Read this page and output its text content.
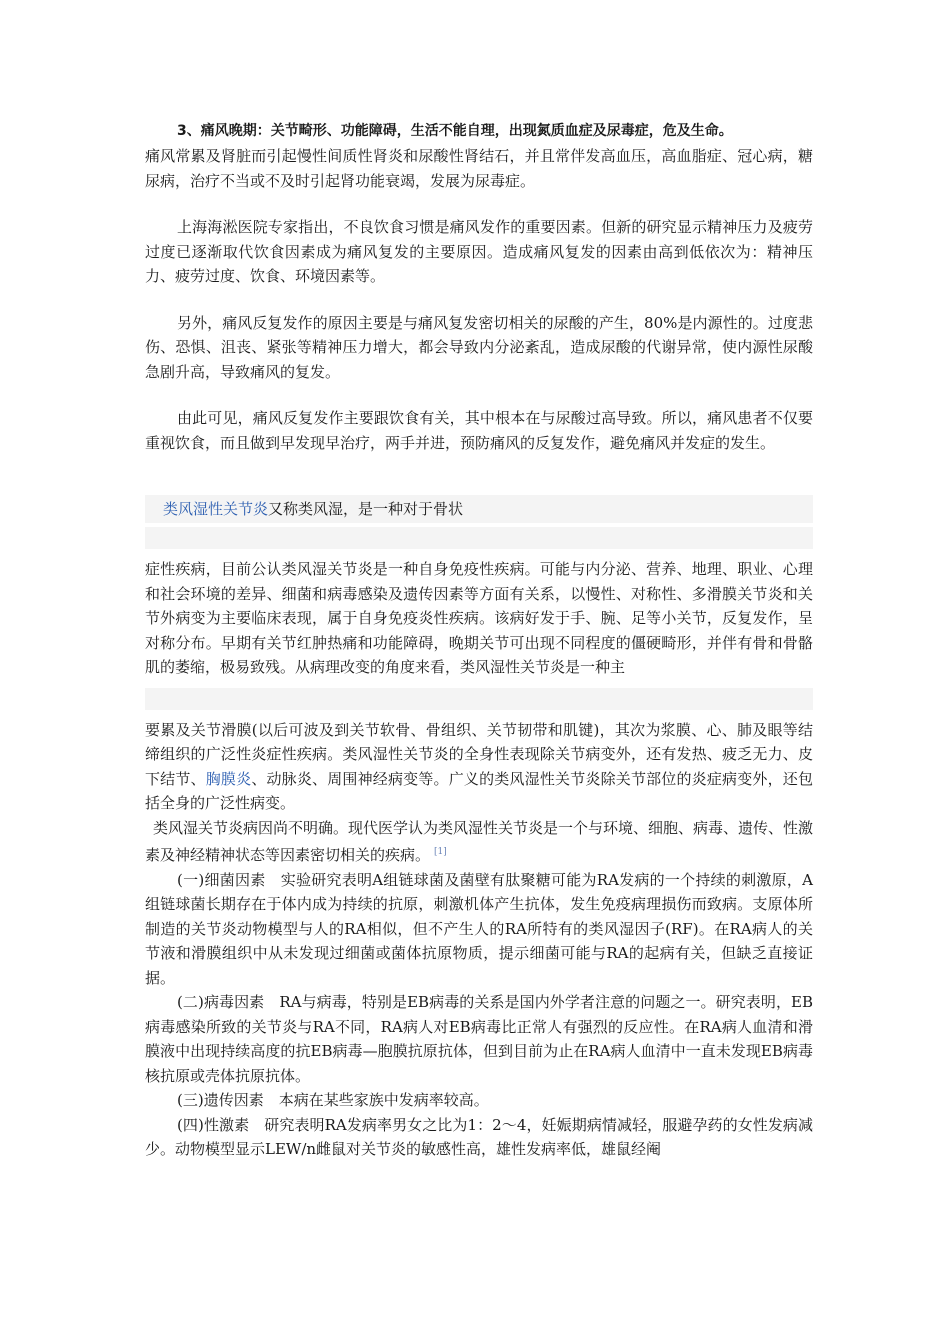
3、痛风晚期：关节畸形、功能障碍，生活不能自理，出现氮质血症及尿毒症，危及生命。

痛风常累及肾脏而引起慢性间质性肾炎和尿酸性肾结石，并且常伴发高血压，高血脂症、冠心病，糖尿病，治疗不当或不及时引起肾功能衰竭，发展为尿毒症。

上海海淞医院专家指出，不良饮食习惯是痛风发作的重要因素。但新的研究显示精神压力及疲劳过度已逐渐取代饮食因素成为痛风复发的主要原因。造成痛风复发的因素由高到低依次为：精神压力、疲劳过度、饮食、环境因素等。

另外，痛风反复发作的原因主要是与痛风复发密切相关的尿酸的产生，80%是内源性的。过度悲伤、恐惧、沮丧、紧张等精神压力增大，都会导致内分泌紊乱，造成尿酸的代谢异常，使内源性尿酸急剧升高，导致痛风的复发。

由此可见，痛风反复发作主要跟饮食有关，其中根本在与尿酸过高导致。所以，痛风患者不仅要重视饮食，而且做到早发现早治疗，两手并进，预防痛风的反复发作，避免痛风并发症的发生。

类风湿性关节炎又称类风湿，是一种对于骨状

症性疾病，目前公认类风湿关节炎是一种自身免疫性疾病。可能与内分泌、营养、地理、职业、心理和社会环境的差异、细菌和病毒感染及遗传因素等方面有关系，以慢性、对称性、多滑膜关节炎和关节外病变为主要临床表现，属于自身免疫炎性疾病。该病好发于手、腕、足等小关节，反复发作，呈对称分布。早期有关节红肿热痛和功能障碍，晚期关节可出现不同程度的僵硬畸形，并伴有骨和骨骼肌的萎缩，极易致残。从病理改变的角度来看，类风湿性关节炎是一种主

要累及关节滑膜(以后可波及到关节软骨、骨组织、关节韧带和肌键)，其次为浆膜、心、肺及眼等结缔组织的广泛性炎症性疾病。类风湿性关节炎的全身性表现除关节病变外，还有发热、疲乏无力、皮下结节、胸膜炎、动脉炎、周围神经病变等。广义的类风湿性关节炎除关节部位的炎症病变外，还包括全身的广泛性病变。

类风湿关节炎病因尚不明确。现代医学认为类风湿性关节炎是一个与环境、细胞、病毒、遗传、性激素及神经精神状态等因素密切相关的疾病。 [1]

(一)细菌因素　实验研究表明A组链球菌及菌壁有肽聚糖可能为RA发病的一个持续的刺激原，A组链球菌长期存在于体内成为持续的抗原，刺激机体产生抗体，发生免疫病理损伤而致病。支原体所制造的关节炎动物模型与人的RA相似，但不产生人的RA所特有的类风湿因子(RF)。在RA病人的关节液和滑膜组织中从未发现过细菌或菌体抗原物质，提示细菌可能与RA的起病有关，但缺乏直接证据。

(二)病毒因素　RA与病毒，特别是EB病毒的关系是国内外学者注意的问题之一。研究表明，EB病毒感染所致的关节炎与RA不同，RA病人对EB病毒比正常人有强烈的反应性。在RA病人血清和滑膜液中出现持续高度的抗EB病毒—胞膜抗原抗体，但到目前为止在RA病人血清中一直未发现EB病毒核抗原或壳体抗原抗体。

(三)遗传因素　本病在某些家族中发病率较高。

(四)性激素　研究表明RA发病率男女之比为1：2～4，妊娠期病情减轻，服避孕药的女性发病减少。动物模型显示LEW/n雌鼠对关节炎的敏感性高，雄性发病率低，雄鼠经阉
